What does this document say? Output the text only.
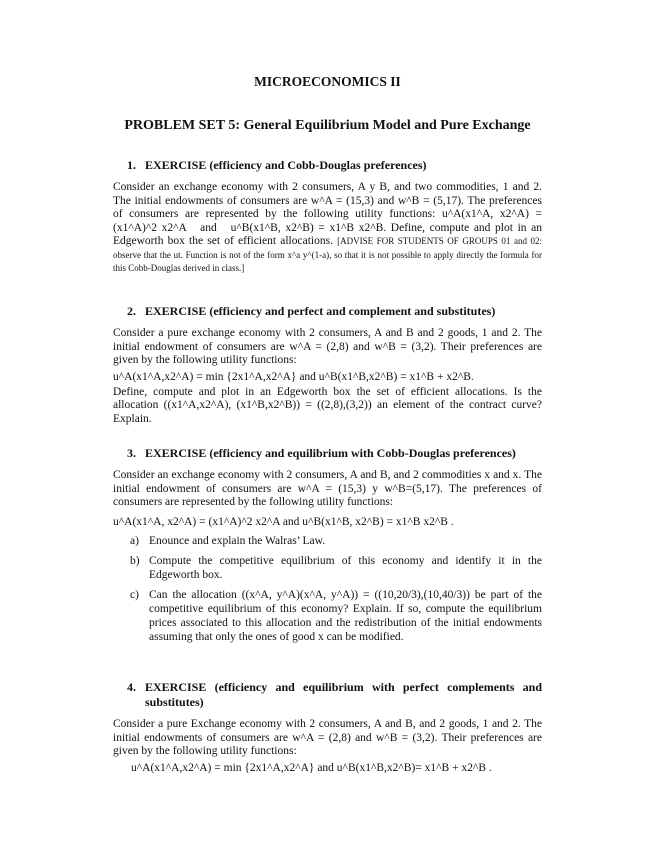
MICROECONOMICS II
PROBLEM SET 5: General Equilibrium Model and Pure Exchange
1. EXERCISE (efficiency and Cobb-Douglas preferences)

Consider an exchange economy with 2 consumers, A y B, and two commodities, 1 and 2. The initial endowments of consumers are w^A = (15,3) and w^B = (5,17). The preferences of consumers are represented by the following utility functions: u^A(x1^A, x2^A) = (x1^A)^2 x2^A and u^B(x1^B, x2^B) = x1^B x2^B. Define, compute and plot in an Edgeworth box the set of efficient allocations. [ADVISE FOR STUDENTS OF GROUPS 01 and 02: observe that the ut. Function is not of the form x^a y^(1-a), so that it is not possible to apply directly the formula for this Cobb-Douglas derived in class.]

2. EXERCISE (efficiency and perfect and complement and substitutes)

Consider a pure exchange economy with 2 consumers, A and B and 2 goods, 1 and 2. The initial endowment of consumers are w^A = (2,8) and w^B = (3,2). Their preferences are given by the following utility functions:

u^A(x1^A,x2^A) = min {2x1^A,x2^A} and u^B(x1^B,x2^B) = x1^B + x2^B.

Define, compute and plot in an Edgeworth box the set of efficient allocations. Is the allocation ((x1^A,x2^A), (x1^B,x2^B)) = ((2,8),(3,2)) an element of the contract curve? Explain.

3. EXERCISE (efficiency and equilibrium with Cobb-Douglas preferences)

Consider an exchange economy with 2 consumers, A and B, and 2 commodities x and x. The initial endowment of consumers are w^A = (15,3) y w^B=(5,17). The preferences of consumers are represented by the following utility functions:

u^A(x1^A, x2^A) = (x1^A)^2 x2^A and u^B(x1^B, x2^B) = x1^B x2^B .
a) Enounce and explain the Walras’ Law.
b) Compute the competitive equilibrium of this economy and identify it in the Edgeworth box.
c) Can the allocation ((x^A, y^A)(x^A, y^A)) = ((10,20/3),(10,40/3)) be part of the competitive equilibrium of this economy? Explain. If so, compute the equilibrium prices associated to this allocation and the redistribution of the initial endowments assuming that only the ones of good x can be modified.
4. EXERCISE (efficiency and equilibrium with perfect complements and substitutes)

Consider a pure Exchange economy with 2 consumers, A and B, and 2 goods, 1 and 2. The initial endowments of consumers are w^A = (2,8) and w^B = (3,2). Their preferences are given by the following utility functions:

u^A(x1^A,x2^A) = min {2x1^A,x2^A} and u^B(x1^B,x2^B)= x1^B + x2^B .
